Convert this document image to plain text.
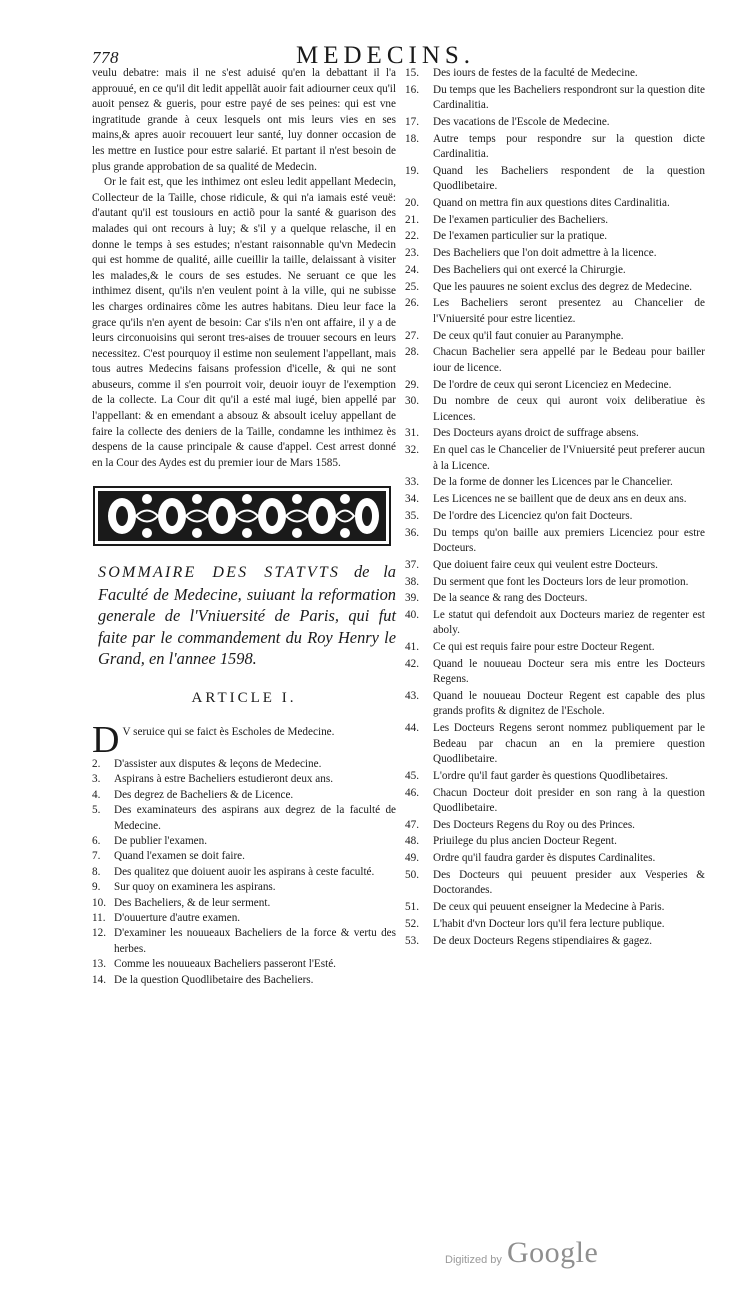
778	MEDECINS.

veulu debatre: mais il ne s'est aduisé qu'en la debattant il l'a approuué, en ce qu'il dit ledit appellãt auoir fait adiourner ceux qu'il auoit pensez & gueris, pour estre payé de ses peines: qui est vne ingratitude grande à ceux lesquels ont mis leurs vies en ses mains,& apres auoir recouuert leur santé, luy donner occasion de les mettre en Iustice pour estre salarié. Et partant il n'est besoin de plus grande approbation de sa qualité de Medecin.

Or le fait est, que les inthimez ont esleu ledit appellant Medecin, Collecteur de la Taille, chose ridicule, & qui n'a iamais esté veuë: d'autant qu'il est tousiours en actiõ pour la santé & guarison des malades qui ont recours à luy; & s'il y a quelque relasche, il en donne le temps à ses estudes; n'estant raisonnable qu'vn Medecin qui est homme de qualité, aille cueillir la taille, delaissant à visiter les malades,& le cours de ses estudes. Ne seruant ce que les inthimez disent, qu'ils n'en veulent point à la ville, qui ne subisse les charges ordinaires cõme les autres habitans. Dieu leur face la grace qu'ils n'en ayent de besoin: Car s'ils n'en ont affaire, il y a de leurs circonuoisins qui seront tres-aises de trouuer secours en leurs necessitez. C'est pourquoy il estime non seulement l'appellant, mais tous autres Medecins faisans profession d'icelle, & qui ne sont abuseurs, comme il s'en pourroit voir, deuoir iouyr de l'exemption de la collecte. La Cour dit qu'il a esté mal iugé, bien appellé par l'appellant: & en emendant a absouz & absoult iceluy appellant de faire la collecte des deniers de la Taille, condamne les inthimez ès despens de la cause principale & cause d'appel. Cest arrest donné en la Cour des Aydes est du premier iour de Mars 1585.

SOMMAIRE DES STATVTS de la Faculté de Medecine, suiuant la reformation generale de l'Vniuersité de Paris, qui fut faite par le commandement du Roy Henry le Grand, en l'annee 1598.

ARTICLE I.
D V seruice qui se faict ès Escholes de Medecine.
2.	D'assister aux disputes & leçons de Medecine.
3.	Aspirans à estre Bacheliers estudieront deux ans.
4.	Des degrez de Bacheliers & de Licence.
5.	Des examinateurs des aspirans aux degrez de la faculté de Medecine.
6.	De publier l'examen.
7.	Quand l'examen se doit faire.
8.	Des qualitez que doiuent auoir les aspirans à ceste faculté.
9.	Sur quoy on examinera les aspirans.
10. Des Bacheliers, & de leur serment.
11. D'ouuerture d'autre examen.
12. D'examiner les nouueaux Bacheliers de la force & vertu des herbes.
13. Comme les nouueaux Bacheliers passeront l'Esté.
14. De la question Quodlibetaire des Bacheliers.
15.	Des iours de festes de la faculté de Medecine.
16.	Du temps que les Bacheliers respondront sur la question dite Cardinalitia.
17.	Des vacations de l'Escole de Medecine.
18.	Autre temps pour respondre sur la question dicte Cardinalitia.
19.	Quand les Bacheliers respondent de la question Quodlibetaire.
20.	Quand on mettra fin aux questions dites Cardinalitia.
21.	De l'examen particulier des Bacheliers.
22.	De l'examen particulier sur la pratique.
23.	Des Bacheliers que l'on doit admettre à la licence.
24.	Des Bacheliers qui ont exercé la Chirurgie.
25.	Que les pauures ne soient exclus des degrez de Medecine.
26.	Les Bacheliers seront presentez au Chancelier de l'Vniuersité pour estre licentiez.
27.	De ceux qu'il faut conuier au Paranymphe.
28.	Chacun Bachelier sera appellé par le Bedeau pour bailler iour de licence.
29.	De l'ordre de ceux qui seront Licenciez en Medecine.
30.	Du nombre de ceux qui auront voix deliberatiue ès Licences.
31.	Des Docteurs ayans droict de suffrage absens.
32.	En quel cas le Chancelier de l'Vniuersité peut preferer aucun à la Licence.
33.	De la forme de donner les Licences par le Chancelier.
34.	Les Licences ne se baillent que de deux ans en deux ans.
35.	De l'ordre des Licenciez qu'on fait Docteurs.
36.	Du temps qu'on baille aux premiers Licenciez pour estre Docteurs.
37.	Que doiuent faire ceux qui veulent estre Docteurs.
38.	Du serment que font les Docteurs lors de leur promotion.
39.	De la seance & rang des Docteurs.
40.	Le statut qui defendoit aux Docteurs mariez de regenter est aboly.
41.	Ce qui est requis faire pour estre Docteur Regent.
42.	Quand le nouueau Docteur sera mis entre les Docteurs Regens.
43.	Quand le nouueau Docteur Regent est capable des plus grands profits & dignitez de l'Eschole.
44.	Les Docteurs Regens seront nommez publiquement par le Bedeau par chacun an en la premiere question Quodlibetaire.
45.	L'ordre qu'il faut garder ès questions Quodlibetaires.
46.	Chacun Docteur doit presider en son rang à la question Quodlibetaire.
47.	Des Docteurs Regens du Roy ou des Princes.
48.	Priuilege du plus ancien Docteur Regent.
49.	Ordre qu'il faudra garder ès disputes Cardinalites.
50.	Des Docteurs qui peuuent presider aux Vesperies & Doctorandes.
51.	De ceux qui peuuent enseigner la Medecine à Paris.
52.	L'habit d'vn Docteur lors qu'il fera lecture publique.
53.	De deux Docteurs Regens stipendiaires & gagez.
Digitized by Google
